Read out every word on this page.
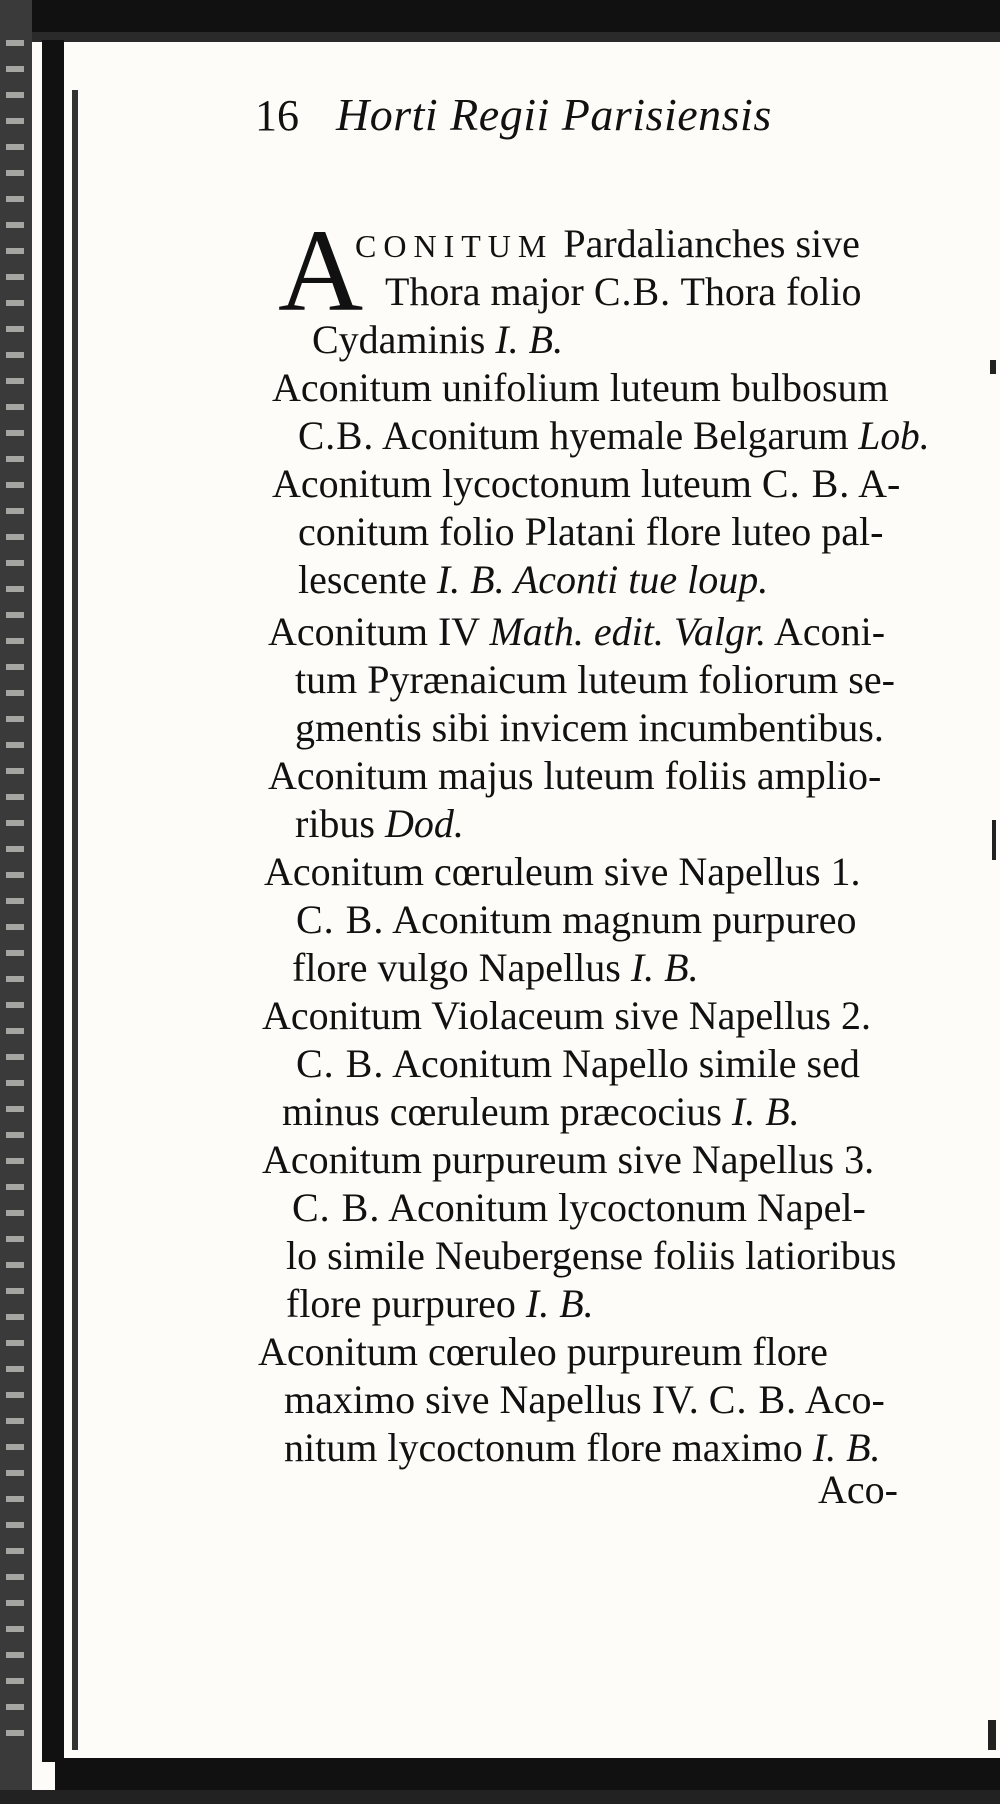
16 Horti Regii Parisiensis
A
CONITUM Pardalianches sive
Thora major C.B. Thora folio
Cydaminis I. B.
Aconitum unifolium luteum bulbosum
C.B. Aconitum hyemale Belgarum Lob.
Aconitum lycoctonum luteum C. B. A-
conitum folio Platani flore luteo pal-
lescente I. B. Aconti tue loup.
Aconitum IV Math. edit. Valgr. Aconi-
tum Pyrænaicum luteum foliorum se-
gmentis sibi invicem incumbentibus.
Aconitum majus luteum foliis amplio-
ribus Dod.
Aconitum cœruleum sive Napellus 1.
C. B. Aconitum magnum purpureo
flore vulgo Napellus I. B.
Aconitum Violaceum sive Napellus 2.
C. B. Aconitum Napello simile sed
minus cœruleum præcocius I. B.
Aconitum purpureum sive Napellus 3.
C. B. Aconitum lycoctonum Napel-
lo simile Neubergense foliis latioribus
flore purpureo I. B.
Aconitum cœruleo purpureum flore
maximo sive Napellus IV. C. B. Aco-
nitum lycoctonum flore maximo I. B.
Aco-
